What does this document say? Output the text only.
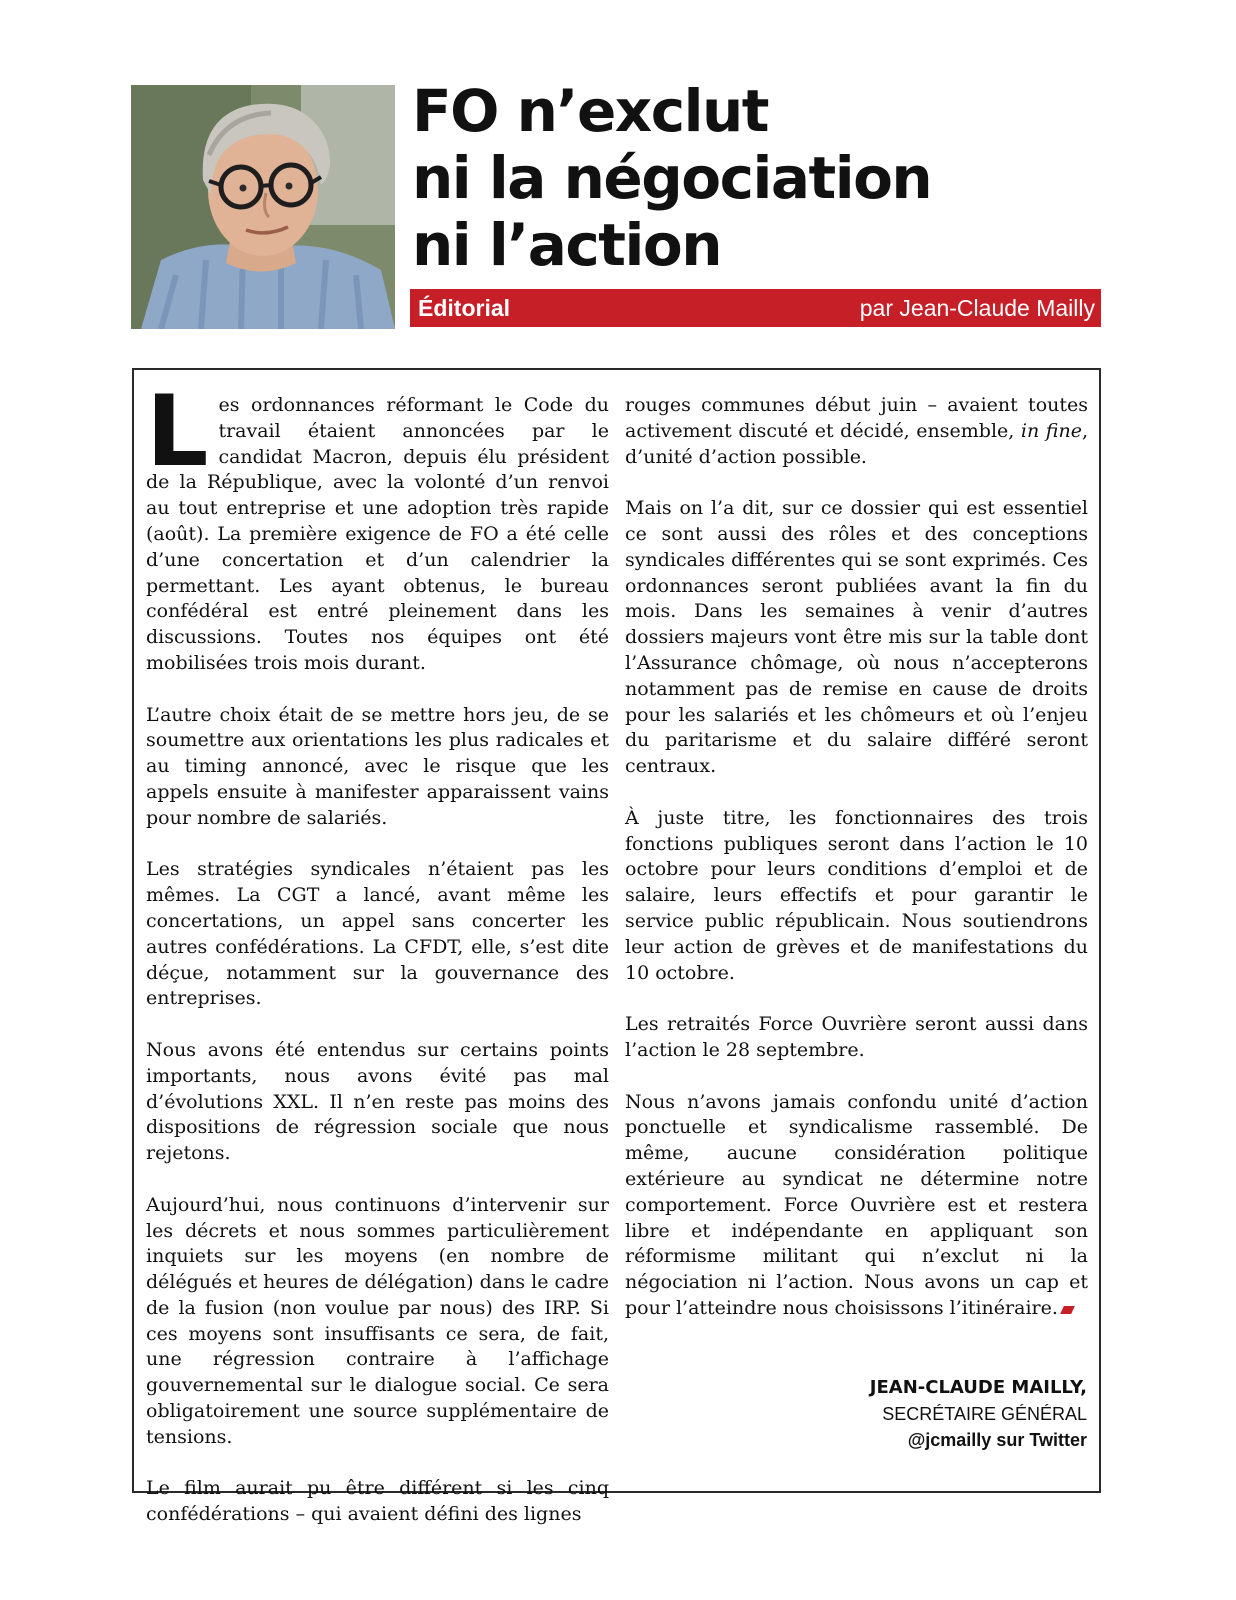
FO n’exclut
ni la négociation
ni l’action
Éditorial	par Jean-Claude Mailly

Les ordonnances réformant le Code du travail étaient annoncées par le candidat Macron, depuis élu président de la République, avec la volonté d’un renvoi au tout entreprise et une adoption très rapide (août). La première exigence de FO a été celle d’une concertation et d’un calendrier la permettant. Les ayant obtenus, le bureau confédéral est entré pleinement dans les discussions. Toutes nos équipes ont été mobilisées trois mois durant.

L’autre choix était de se mettre hors jeu, de se soumettre aux orientations les plus radicales et au timing annoncé, avec le risque que les appels ensuite à manifester apparaissent vains pour nombre de salariés.

Les stratégies syndicales n’étaient pas les mêmes. La CGT a lancé, avant même les concertations, un appel sans concerter les autres confédérations. La CFDT, elle, s’est dite déçue, notamment sur la gouvernance des entreprises.

Nous avons été entendus sur certains points importants, nous avons évité pas mal d’évolutions XXL. Il n’en reste pas moins des dispositions de régression sociale que nous rejetons.

Aujourd’hui, nous continuons d’intervenir sur les décrets et nous sommes particulièrement inquiets sur les moyens (en nombre de délégués et heures de délégation) dans le cadre de la fusion (non voulue par nous) des IRP. Si ces moyens sont insuffisants ce sera, de fait, une régression contraire à l’affichage gouvernemental sur le dialogue social. Ce sera obligatoirement une source supplémentaire de tensions.

Le film aurait pu être différent si les cinq confédérations – qui avaient défini des lignes

rouges communes début juin – avaient toutes activement discuté et décidé, ensemble, in fine, d’unité d’action possible.

Mais on l’a dit, sur ce dossier qui est essentiel ce sont aussi des rôles et des conceptions syndicales différentes qui se sont exprimés. Ces ordonnances seront publiées avant la fin du mois. Dans les semaines à venir d’autres dossiers majeurs vont être mis sur la table dont l’Assurance chômage, où nous n’accepterons notamment pas de remise en cause de droits pour les salariés et les chômeurs et où l’enjeu du paritarisme et du salaire différé seront centraux.

À juste titre, les fonctionnaires des trois fonctions publiques seront dans l’action le 10 octobre pour leurs conditions d’emploi et de salaire, leurs effectifs et pour garantir le service public républicain. Nous soutiendrons leur action de grèves et de manifestations du 10 octobre.

Les retraités Force Ouvrière seront aussi dans l’action le 28 septembre.

Nous n’avons jamais confondu unité d’action ponctuelle et syndicalisme rassemblé. De même, aucune considération politique extérieure au syndicat ne détermine notre comportement. Force Ouvrière est et restera libre et indépendante en appliquant son réformisme militant qui n’exclut ni la négociation ni l’action. Nous avons un cap et pour l’atteindre nous choisissons l’itinéraire.

JEAN-CLAUDE MAILLY,
SECRÉTAIRE GÉNÉRAL
@jcmailly sur Twitter
